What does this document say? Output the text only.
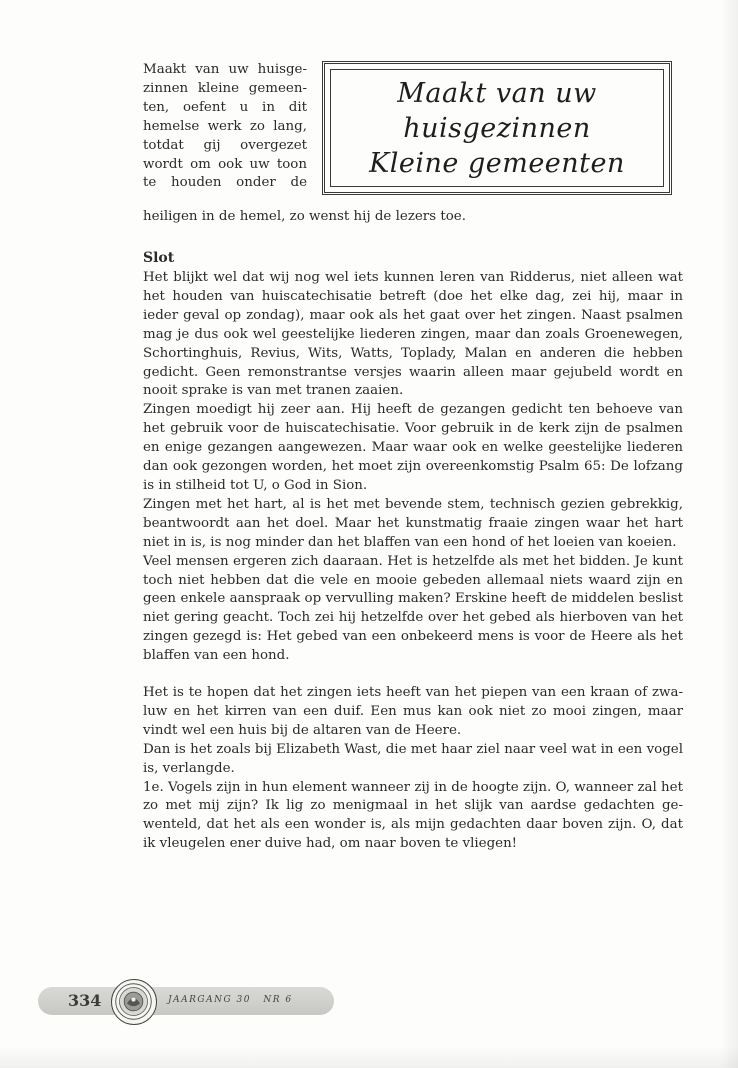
Maakt van uw huisge-

zinnen kleine gemeen-

ten, oefent u in dit

hemelse werk zo lang,

totdat gij overgezet

wordt om ook uw toon

te houden onder de

heiligen in de hemel, zo wenst hij de lezers toe.

Maakt van uw
huisgezinnen
Kleine gemeenten
Slot

Het blijkt wel dat wij nog wel iets kunnen leren van Ridderus, niet alleen wat het houden van huiscatechisatie betreft (doe het elke dag, zei hij, maar in ieder geval op zondag), maar ook als het gaat over het zingen. Naast psalmen mag je dus ook wel geestelijke liederen zingen, maar dan zoals Groenewegen, Schortinghuis, Revius, Wits, Watts, Toplady, Malan en anderen die hebben gedicht. Geen remonstrantse versjes waarin alleen maar gejubeld wordt en nooit sprake is van met tranen zaaien.

Zingen moedigt hij zeer aan. Hij heeft de gezangen gedicht ten behoeve van het gebruik voor de huiscatechisatie. Voor gebruik in de kerk zijn de psalmen en enige gezangen aangewezen. Maar waar ook en welke geestelijke liederen dan ook gezongen worden, het moet zijn overeenkomstig Psalm 65: De lofzang is in stilheid tot U, o God in Sion.

Zingen met het hart, al is het met bevende stem, technisch gezien gebrekkig, beantwoordt aan het doel. Maar het kunstmatig fraaie zingen waar het hart niet in is, is nog minder dan het blaffen van een hond of het loeien van koeien.

Veel mensen ergeren zich daaraan. Het is hetzelfde als met het bidden. Je kunt toch niet hebben dat die vele en mooie gebeden allemaal niets waard zijn en geen enkele aanspraak op vervulling maken? Erskine heeft de middelen beslist niet gering geacht. Toch zei hij hetzelfde over het gebed als hierboven van het zingen gezegd is: Het gebed van een onbekeerd mens is voor de Heere als het blaffen van een hond.

Het is te hopen dat het zingen iets heeft van het piepen van een kraan of zwaluw en het kirren van een duif. Een mus kan ook niet zo mooi zingen, maar vindt wel een huis bij de altaren van de Heere.

Dan is het zoals bij Elizabeth Wast, die met haar ziel naar veel wat in een vogel is, verlangde.

1e. Vogels zijn in hun element wanneer zij in de hoogte zijn. O, wanneer zal het zo met mij zijn? Ik lig zo menigmaal in het slijk van aardse gedachten gewenteld, dat het als een wonder is, als mijn gedachten daar boven zijn. O, dat ik vleugelen ener duive had, om naar boven te vliegen!

334	JAARGANG 30 NR 6
